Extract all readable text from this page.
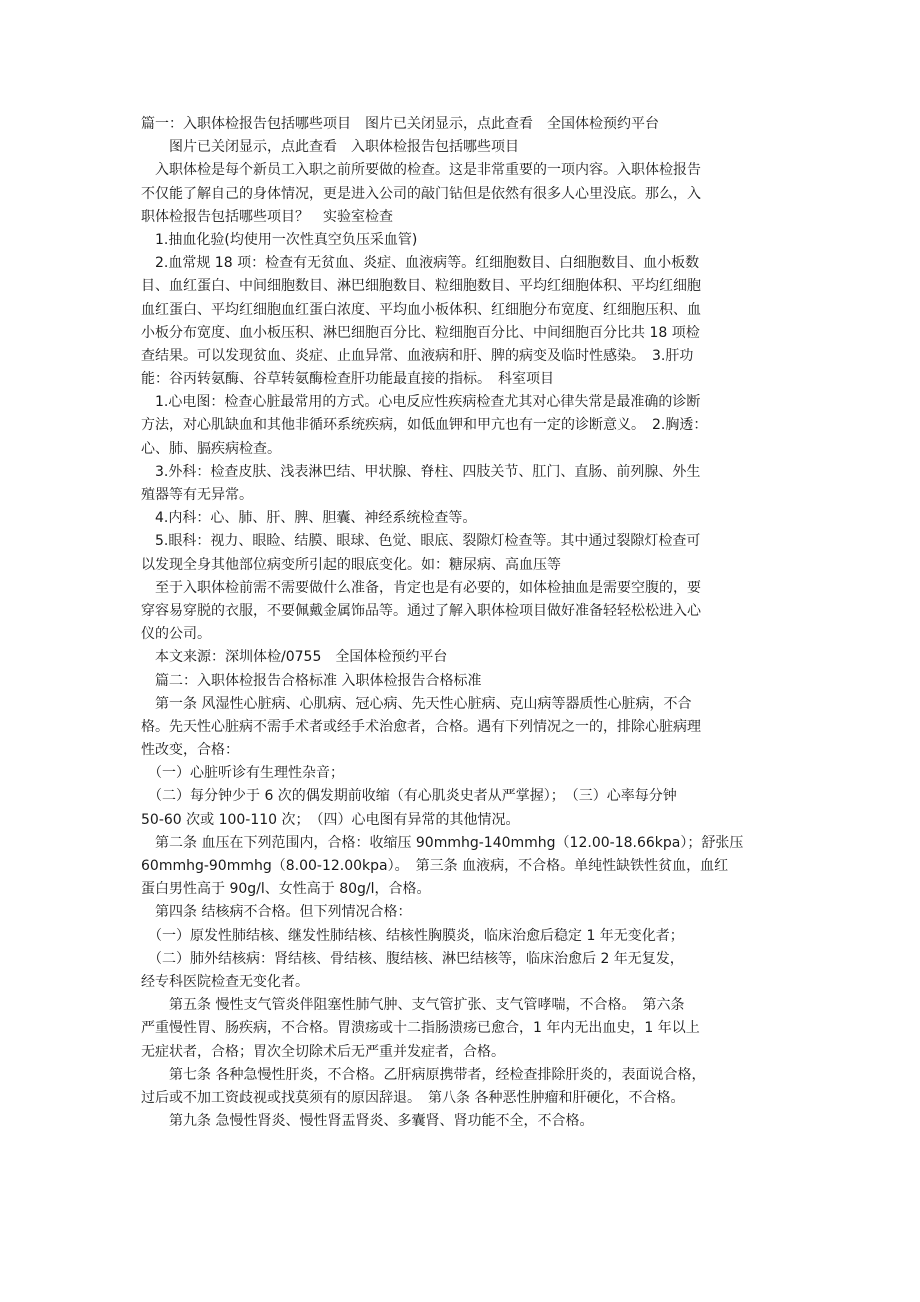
篇一：入职体检报告包括哪些项目　图片已关闭显示，点此查看　全国体检预约平台
　　图片已关闭显示，点此查看　入职体检报告包括哪些项目
　入职体检是每个新员工入职之前所要做的检查。这是非常重要的一项内容。入职体检报告
不仅能了解自己的身体情况，更是进入公司的敲门钻但是依然有很多人心里没底。那么，入
职体检报告包括哪些项目？　实验室检查
　1.抽血化验(均使用一次性真空负压采血管)
　2.血常规 18 项：检查有无贫血、炎症、血液病等。红细胞数目、白细胞数目、血小板数
目、血红蛋白、中间细胞数目、淋巴细胞数目、粒细胞数目、平均红细胞体积、平均红细胞
血红蛋白、平均红细胞血红蛋白浓度、平均血小板体积、红细胞分布宽度、红细胞压积、血
小板分布宽度、血小板压积、淋巴细胞百分比、粒细胞百分比、中间细胞百分比共 18 项检
查结果。可以发现贫血、炎症、止血异常、血液病和肝、脾的病变及临时性感染。　3.肝功
能：谷丙转氨酶、谷草转氨酶检查肝功能最直接的指标。　科室项目
　1.心电图：检查心脏最常用的方式。心电反应性疾病检查尤其对心律失常是最准确的诊断
方法，对心肌缺血和其他非循环系统疾病，如低血钾和甲亢也有一定的诊断意义。　2.胸透：
心、肺、膈疾病检查。
　3.外科：检查皮肤、浅表淋巴结、甲状腺、脊柱、四肢关节、肛门、直肠、前列腺、外生
殖器等有无异常。
　4.内科：心、肺、肝、脾、胆囊、神经系统检查等。
　5.眼科：视力、眼睑、结膜、眼球、色觉、眼底、裂隙灯检查等。其中通过裂隙灯检查可
以发现全身其他部位病变所引起的眼底变化。如：糖尿病、高血压等
　至于入职体检前需不需要做什么准备，肯定也是有必要的，如体检抽血是需要空腹的，要
穿容易穿脱的衣服，不要佩戴金属饰品等。通过了解入职体检项目做好准备轻轻松松进入心
仪的公司。
　本文来源：深圳体检/0755　全国体检预约平台
　篇二：入职体检报告合格标准 入职体检报告合格标准
　第一条 风湿性心脏病、心肌病、冠心病、先天性心脏病、克山病等器质性心脏病，不合
格。先天性心脏病不需手术者或经手术治愈者，合格。遇有下列情况之一的，排除心脏病理
性改变，合格：
　（一）心脏听诊有生理性杂音；
　（二）每分钟少于 6 次的偶发期前收缩（有心肌炎史者从严掌握）；　（三）心率每分钟
50-60 次或 100-110 次；　（四）心电图有异常的其他情况。
　第二条 血压在下列范围内，合格：收缩压 90mmhg-140mmhg（12.00-18.66kpa）；舒张压
60mmhg-90mmhg（8.00-12.00kpa）。　第三条 血液病，不合格。单纯性缺铁性贫血，血红
蛋白男性高于 90g/l、女性高于 80g/l，合格。
　第四条 结核病不合格。但下列情况合格：
　（一）原发性肺结核、继发性肺结核、结核性胸膜炎，临床治愈后稳定 1 年无变化者；
　（二）肺外结核病：肾结核、骨结核、腹结核、淋巴结核等，临床治愈后 2 年无复发，
经专科医院检查无变化者。
　　第五条 慢性支气管炎伴阻塞性肺气肿、支气管扩张、支气管哮喘，不合格。　第六条
严重慢性胃、肠疾病，不合格。胃溃疡或十二指肠溃疡已愈合，1 年内无出血史，1 年以上
无症状者，合格；胃次全切除术后无严重并发症者，合格。
　　第七条 各种急慢性肝炎，不合格。乙肝病原携带者，经检查排除肝炎的，表面说合格，
过后或不加工资歧视或找莫须有的原因辞退。　第八条 各种恶性肿瘤和肝硬化，不合格。
　　第九条 急慢性肾炎、慢性肾盂肾炎、多囊肾、肾功能不全，不合格。
